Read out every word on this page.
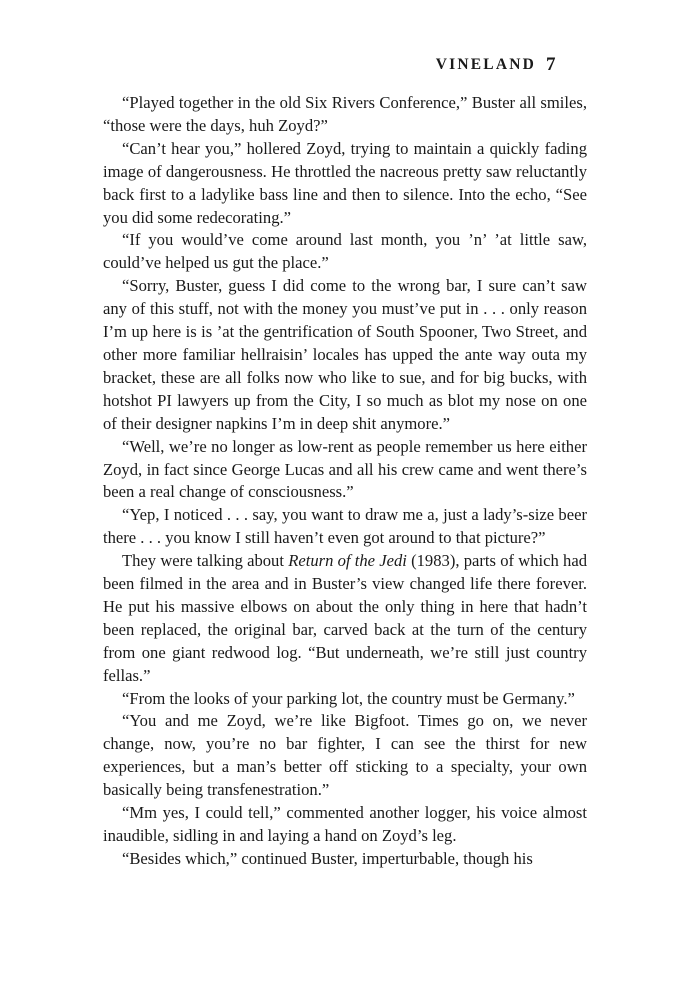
VINELAND 7

“Played together in the old Six Rivers Conference,” Buster all smiles, “those were the days, huh Zoyd?”

“Can’t hear you,” hollered Zoyd, trying to maintain a quickly fading image of dangerousness. He throttled the nacreous pretty saw reluctantly back first to a ladylike bass line and then to silence. Into the echo, “See you did some redecorating.”

“If you would’ve come around last month, you ’n’ ’at little saw, could’ve helped us gut the place.”

“Sorry, Buster, guess I did come to the wrong bar, I sure can’t saw any of this stuff, not with the money you must’ve put in . . . only reason I’m up here is is ’at the gentrification of South Spooner, Two Street, and other more familiar hellraisin’ locales has upped the ante way outa my bracket, these are all folks now who like to sue, and for big bucks, with hotshot PI lawyers up from the City, I so much as blot my nose on one of their designer napkins I’m in deep shit anymore.”

“Well, we’re no longer as low-rent as people remember us here either Zoyd, in fact since George Lucas and all his crew came and went there’s been a real change of consciousness.”

“Yep, I noticed . . . say, you want to draw me a, just a lady’s-size beer there . . . you know I still haven’t even got around to that picture?”

They were talking about Return of the Jedi (1983), parts of which had been filmed in the area and in Buster’s view changed life there forever. He put his massive elbows on about the only thing in here that hadn’t been replaced, the original bar, carved back at the turn of the century from one giant redwood log. “But underneath, we’re still just country fellas.”

“From the looks of your parking lot, the country must be Germany.”

“You and me Zoyd, we’re like Bigfoot. Times go on, we never change, now, you’re no bar fighter, I can see the thirst for new experiences, but a man’s better off sticking to a specialty, your own basically being transfenestration.”

“Mm yes, I could tell,” commented another logger, his voice almost inaudible, sidling in and laying a hand on Zoyd’s leg.

“Besides which,” continued Buster, imperturbable, though his
